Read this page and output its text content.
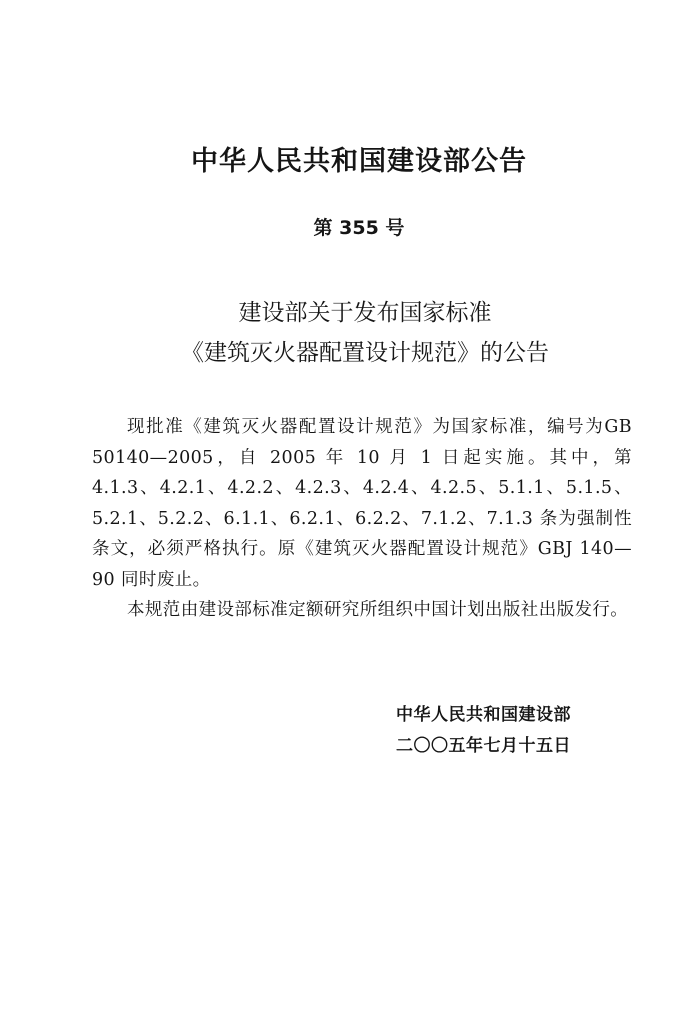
中华人民共和国建设部公告
第 355 号
建设部关于发布国家标准
《建筑灭火器配置设计规范》的公告

现批准《建筑灭火器配置设计规范》为国家标准，编号为GB 50140—2005，自 2005 年 10 月 1 日起实施。其中，第 4.1.3、4.2.1、4.2.2、4.2.3、4.2.4、4.2.5、5.1.1、5.1.5、5.2.1、5.2.2、6.1.1、6.2.1、6.2.2、7.1.2、7.1.3 条为强制性条文，必须严格执行。原《建筑灭火器配置设计规范》GBJ 140—90 同时废止。

本规范由建设部标准定额研究所组织中国计划出版社出版发行。

中华人民共和国建设部
二〇〇五年七月十五日
